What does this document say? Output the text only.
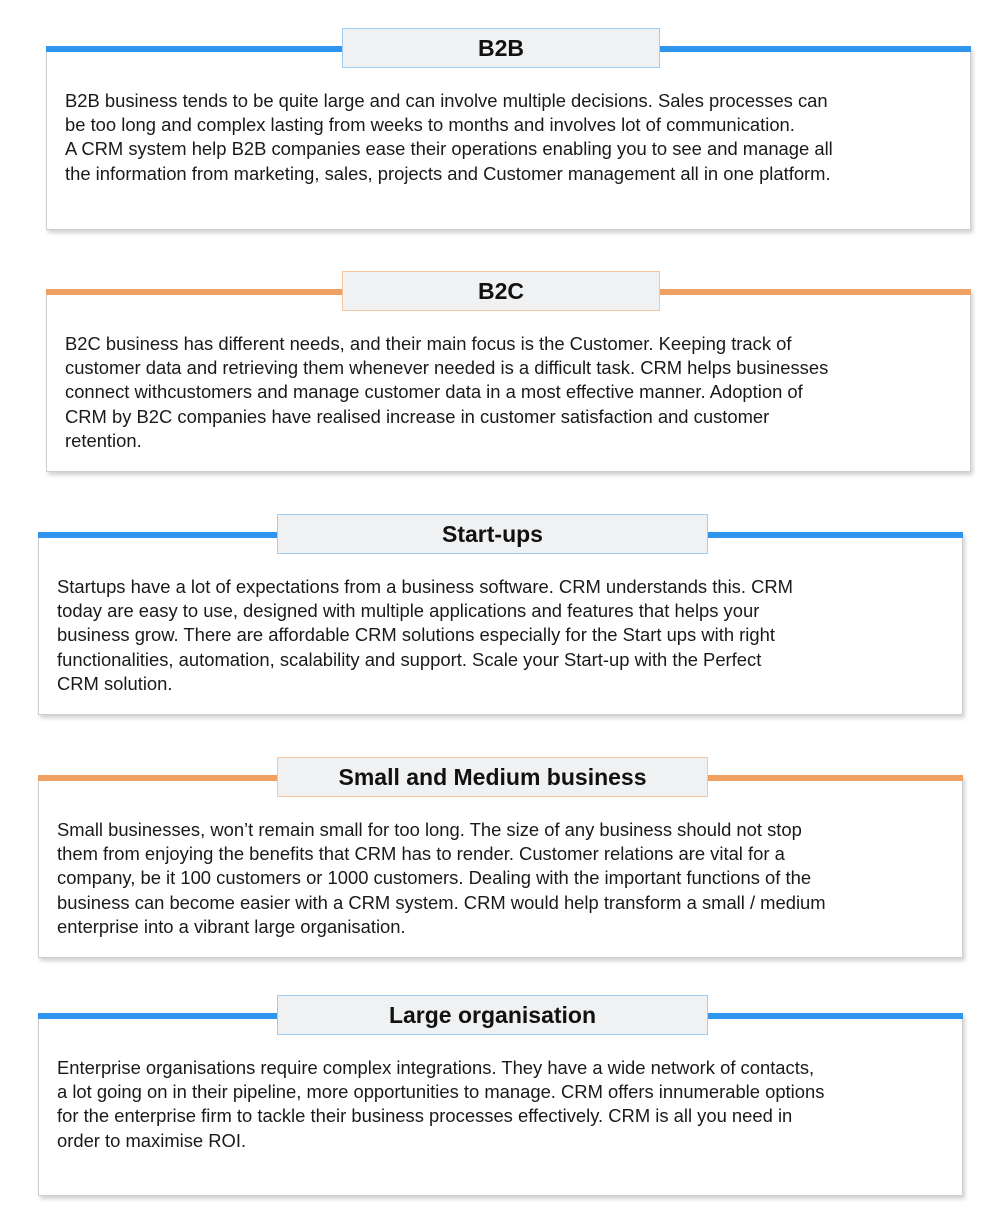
B2B business tends to be quite large and can involve multiple decisions. Sales processes can
be too long and complex lasting from weeks to months and involves lot of communication.
A CRM system help B2B companies ease their operations enabling you to see and manage all
the information from marketing, sales, projects and Customer management all in one platform.

B2B

B2C business has different needs, and their main focus is the Customer. Keeping track of
customer data and retrieving them whenever needed is a difficult task. CRM helps businesses
connect withcustomers and manage customer data in a most effective manner. Adoption of
CRM by B2C companies have realised increase in customer satisfaction and customer
retention.

B2C

Startups have a lot of expectations from a business software. CRM understands this. CRM
today are easy to use, designed with multiple applications and features that helps your
business grow. There are affordable CRM solutions especially for the Start ups with right
functionalities, automation, scalability and support. Scale your Start-up with the Perfect
CRM solution.

Start-ups

Small businesses, won’t remain small for too long. The size of any business should not stop
them from enjoying the benefits that CRM has to render. Customer relations are vital for a
company, be it 100 customers or 1000 customers. Dealing with the important functions of the
business can become easier with a CRM system. CRM would help transform a small / medium
enterprise into a vibrant large organisation.

Small and Medium business

Enterprise organisations require complex integrations. They have a wide network of contacts,
a lot going on in their pipeline, more opportunities to manage. CRM offers innumerable options
for the enterprise firm to tackle their business processes effectively. CRM is all you need in
order to maximise ROI.

Large organisation
